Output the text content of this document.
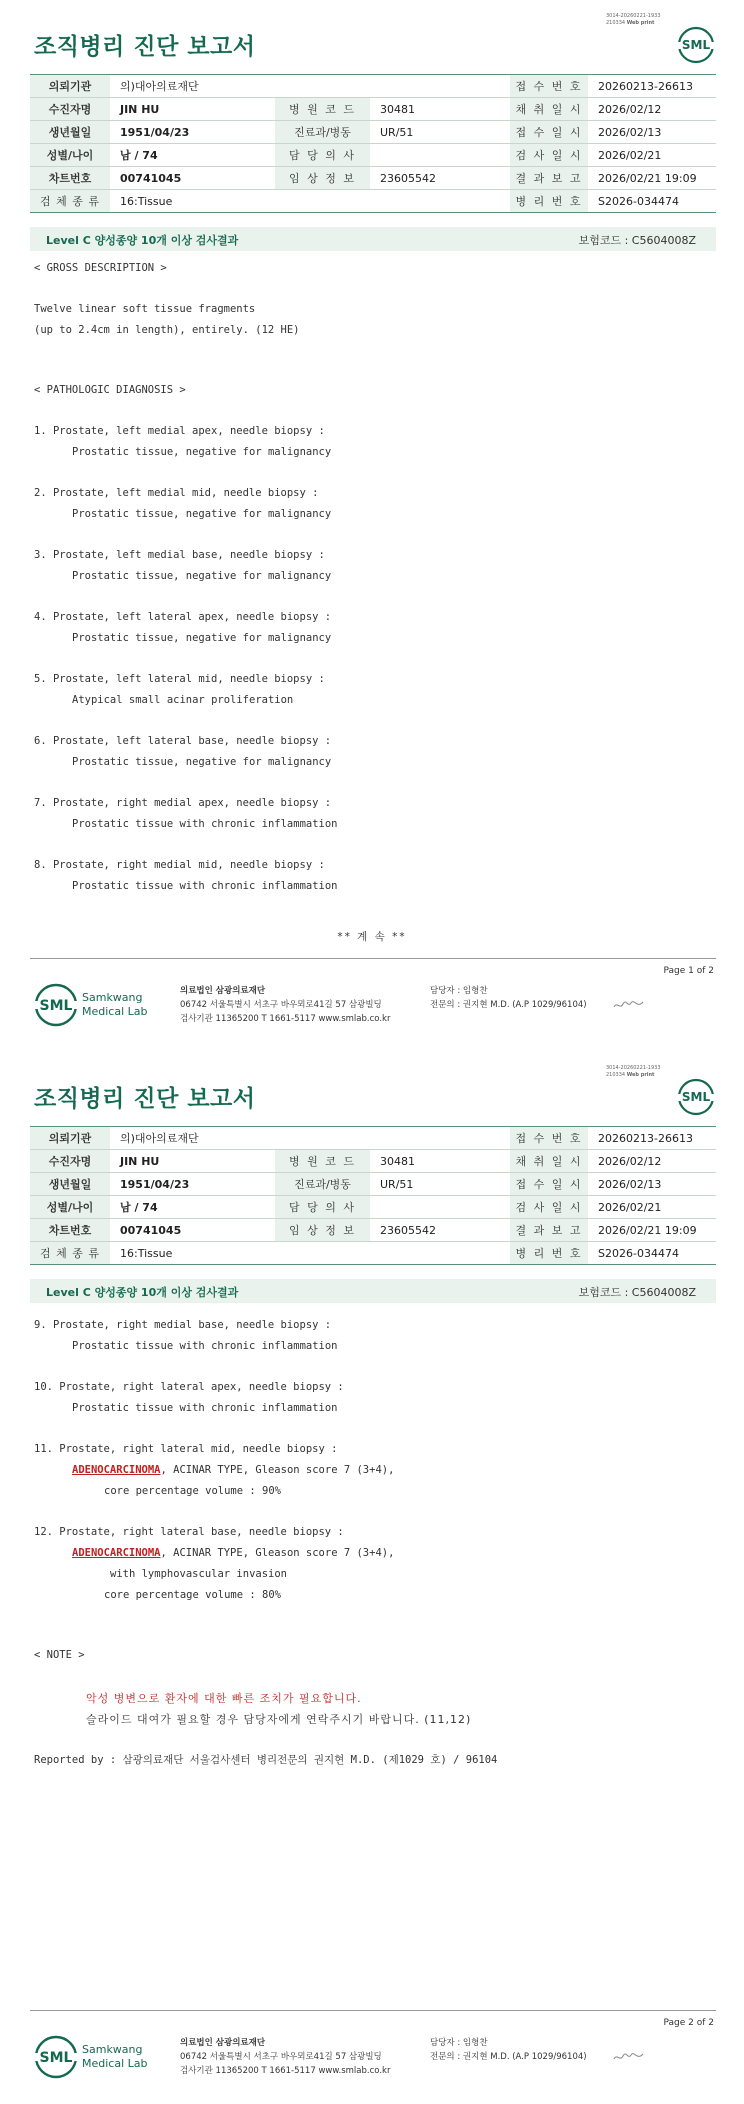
3014-20260221-1933
210334 Web print
조직병리 진단 보고서	SML
의뢰기관	의)대아의료재단			접 수 번 호	20260213-26613
수진자명	JIN HU	병 원 코 드	30481	채 취 일 시	2026/02/12
생년월일	1951/04/23	진료과/병동	UR/51	접 수 일 시	2026/02/13
성별/나이	남 / 74	담 당 의 사		검 사 일 시	2026/02/21
차트번호	00741045	임 상 정 보	23605542	결 과 보 고	2026/02/21 19:09
검 체 종 류	16:Tissue			병 리 번 호	S2026-034474
Level C 양성종양 10개 이상 검사결과	보험코드 : C5604008Z
< GROSS DESCRIPTION >
Twelve linear soft tissue fragments
(up to 2.4cm in length), entirely. (12 HE)
< PATHOLOGIC DIAGNOSIS >
1. Prostate, left medial apex, needle biopsy :
Prostatic tissue, negative for malignancy
2. Prostate, left medial mid, needle biopsy :
Prostatic tissue, negative for malignancy
3. Prostate, left medial base, needle biopsy :
Prostatic tissue, negative for malignancy
4. Prostate, left lateral apex, needle biopsy :
Prostatic tissue, negative for malignancy
5. Prostate, left lateral mid, needle biopsy :
Atypical small acinar proliferation
6. Prostate, left lateral base, needle biopsy :
Prostatic tissue, negative for malignancy
7. Prostate, right medial apex, needle biopsy :
Prostatic tissue with chronic inflammation
8. Prostate, right medial mid, needle biopsy :
Prostatic tissue with chronic inflammation
** 계 속 **
Page 1 of 2
SML
Samkwang
Medical Lab
의료법인 삼광의료재단
06742 서울특별시 서초구 바우뫼로41길 57 삼광빌딩
검사기관 11365200 T 1661-5117 www.smlab.co.kr
담당자 : 임형찬
전문의 : 권지현 M.D. (A.P 1029/96104)
3014-20260221-1933
210334 Web print
조직병리 진단 보고서	SML
의뢰기관	의)대아의료재단			접 수 번 호	20260213-26613
수진자명	JIN HU	병 원 코 드	30481	채 취 일 시	2026/02/12
생년월일	1951/04/23	진료과/병동	UR/51	접 수 일 시	2026/02/13
성별/나이	남 / 74	담 당 의 사		검 사 일 시	2026/02/21
차트번호	00741045	임 상 정 보	23605542	결 과 보 고	2026/02/21 19:09
검 체 종 류	16:Tissue			병 리 번 호	S2026-034474
Level C 양성종양 10개 이상 검사결과	보험코드 : C5604008Z
9. Prostate, right medial base, needle biopsy :
Prostatic tissue with chronic inflammation
10. Prostate, right lateral apex, needle biopsy :
Prostatic tissue with chronic inflammation
11. Prostate, right lateral mid, needle biopsy :
ADENOCARCINOMA, ACINAR TYPE, Gleason score 7 (3+4),
core percentage volume : 90%
12. Prostate, right lateral base, needle biopsy :
ADENOCARCINOMA, ACINAR TYPE, Gleason score 7 (3+4),
with lymphovascular invasion
core percentage volume : 80%
< NOTE >
악성 병변으로 환자에 대한 빠른 조치가 필요합니다.
슬라이드 대여가 필요할 경우 담당자에게 연락주시기 바랍니다. (11,12)
Reported by : 삼광의료재단 서울검사센터 병리전문의 권지현 M.D. (제1029 호) / 96104
Page 2 of 2
SML
Samkwang
Medical Lab
의료법인 삼광의료재단
06742 서울특별시 서초구 바우뫼로41길 57 삼광빌딩
검사기관 11365200 T 1661-5117 www.smlab.co.kr
담당자 : 임형찬
전문의 : 권지현 M.D. (A.P 1029/96104)
